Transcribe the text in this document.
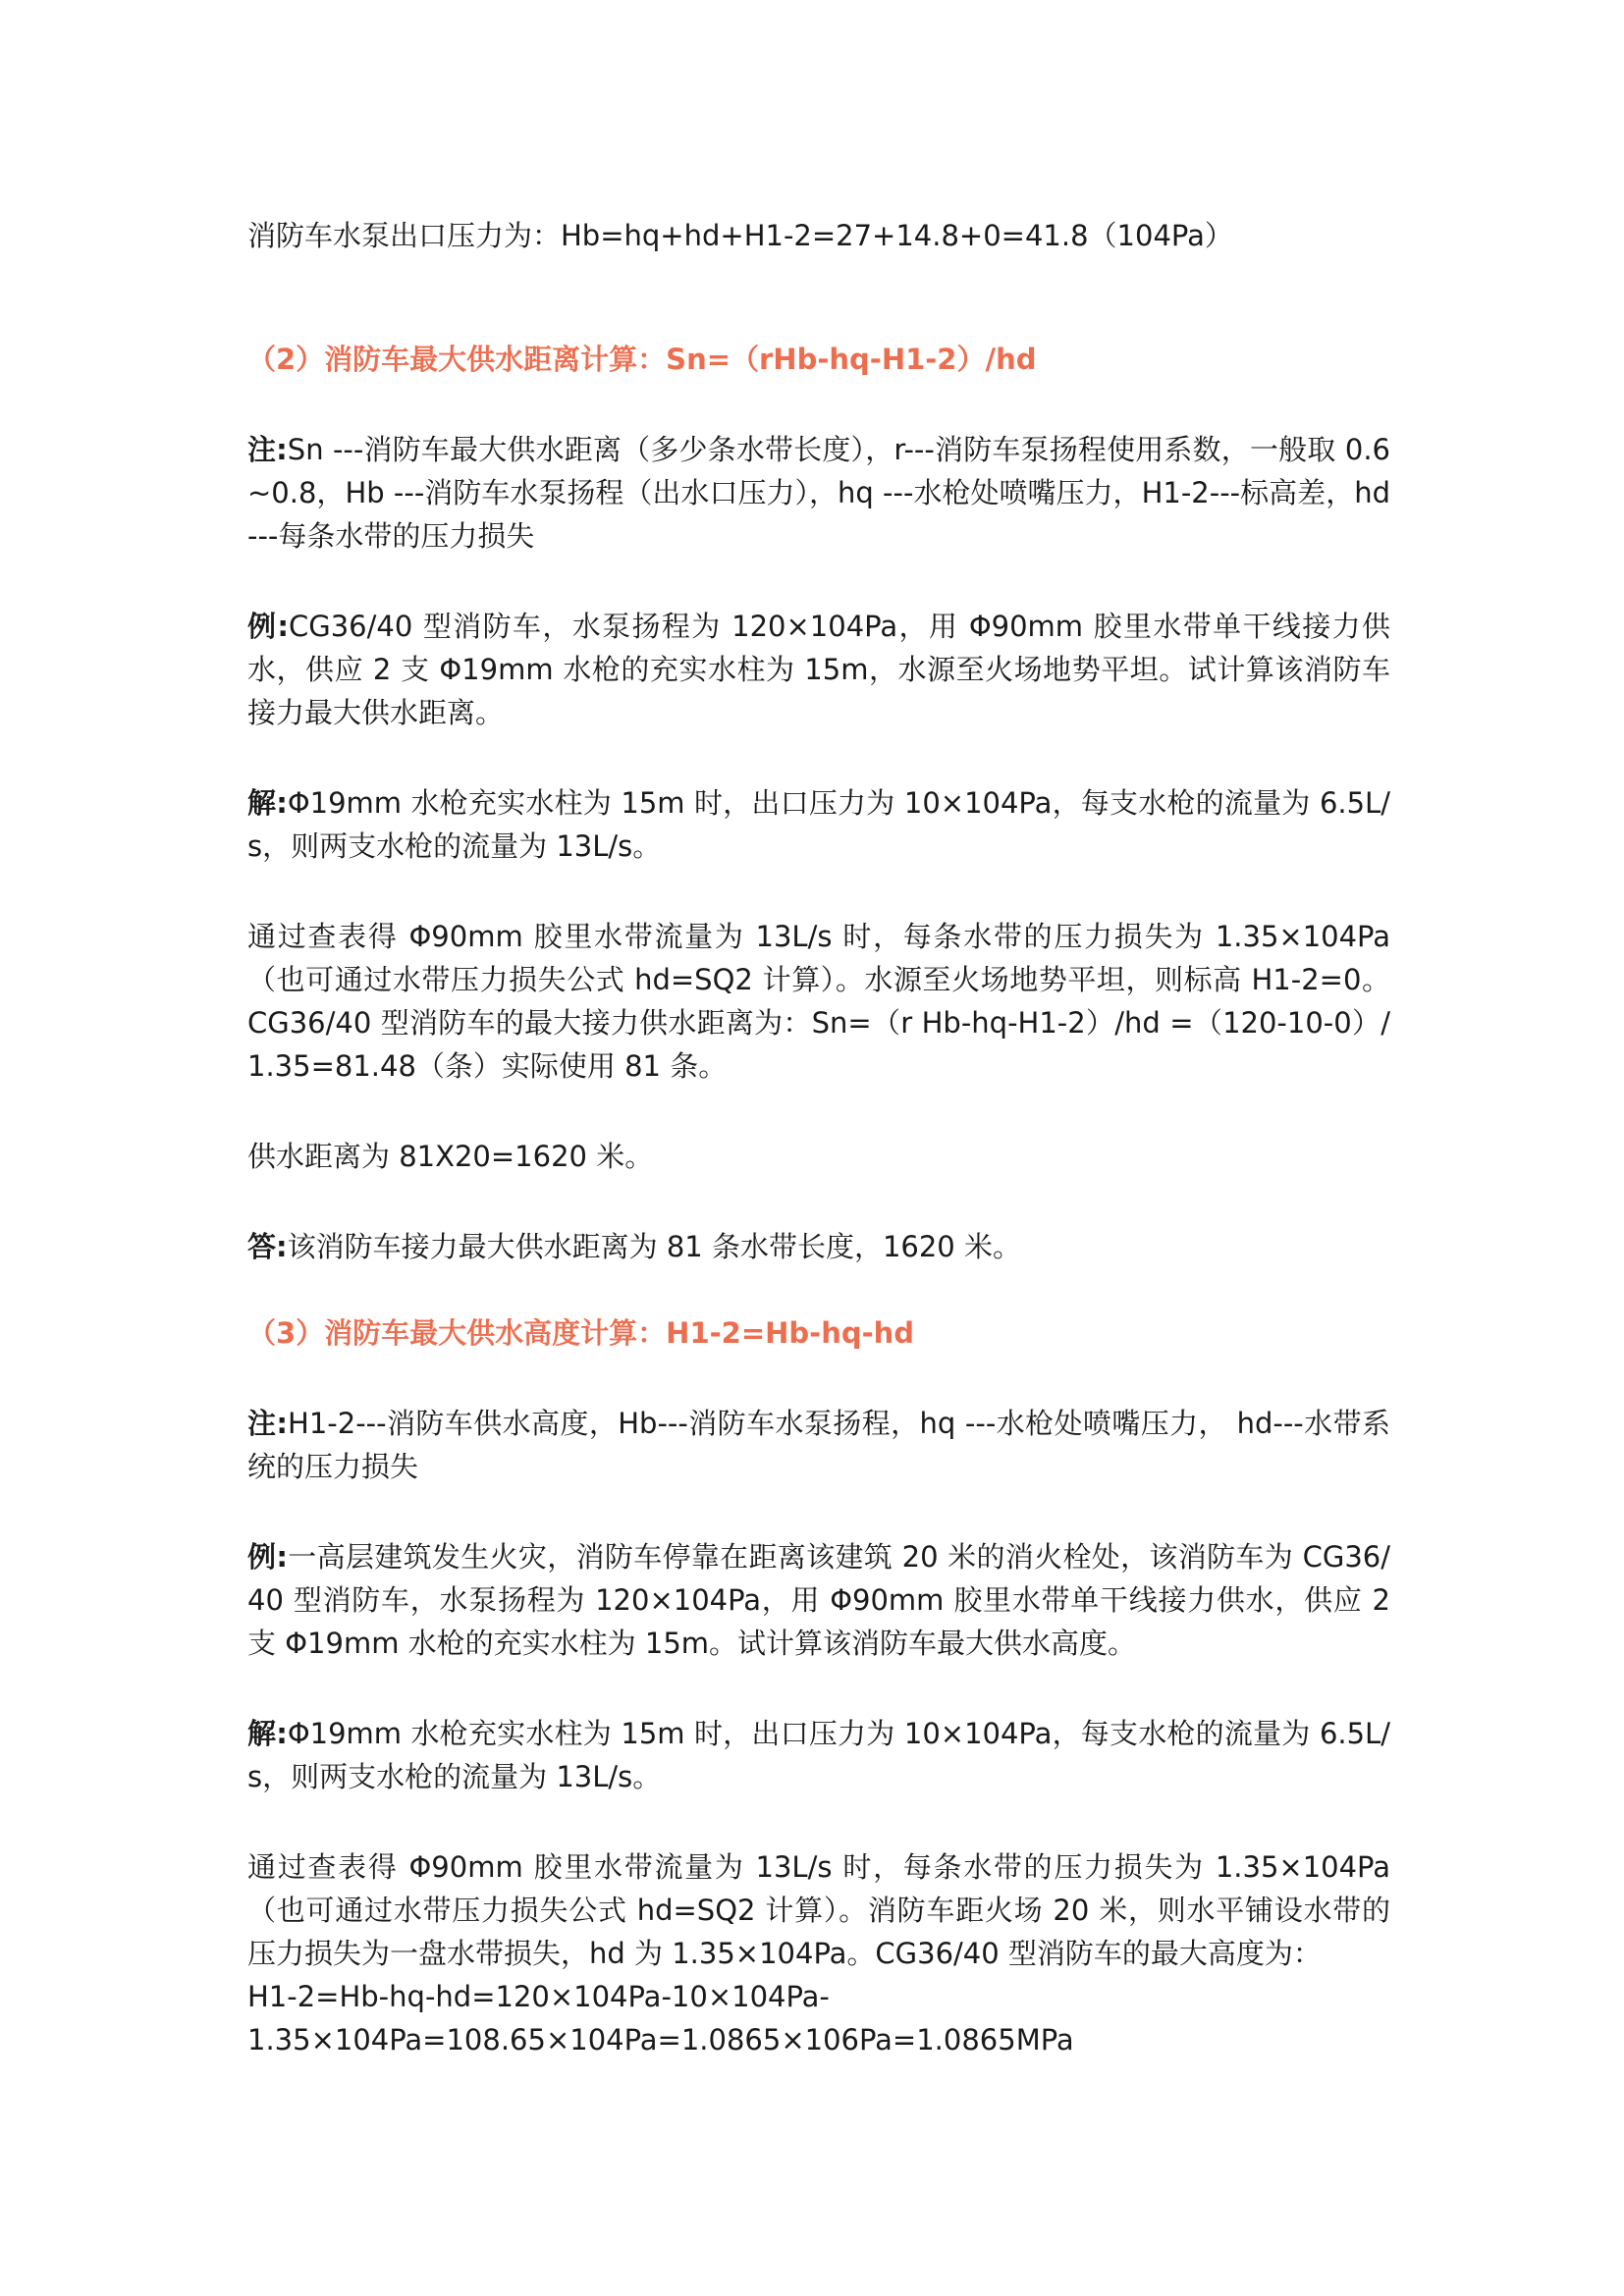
消防车水泵出口压力为：Hb=hq+hd+H1-2=27+14.8+0=41.8（104Pa）

（2）消防车最大供水距离计算：Sn=（rHb-hq-H1-2）/hd

注:Sn ---消防车最大供水距离（多少条水带长度），r---消防车泵扬程使用系数，一般取 0.6~0.8，Hb ---消防车水泵扬程（出水口压力），hq ---水枪处喷嘴压力，H1-2---标高差，hd---每条水带的压力损失

例:CG36/40 型消防车，水泵扬程为 120×104Pa，用 Φ90mm 胶里水带单干线接力供水，供应 2 支 Φ19mm 水枪的充实水柱为 15m，水源至火场地势平坦。试计算该消防车接力最大供水距离。

解:Φ19mm 水枪充实水柱为 15m 时，出口压力为 10×104Pa，每支水枪的流量为 6.5L/s，则两支水枪的流量为 13L/s。

通过查表得 Φ90mm 胶里水带流量为 13L/s 时，每条水带的压力损失为 1.35×104Pa（也可通过水带压力损失公式 hd=SQ2 计算）。水源至火场地势平坦，则标高 H1-2=0。CG36/40 型消防车的最大接力供水距离为：Sn=（r Hb-hq-H1-2）/hd =（120-10-0）/1.35=81.48（条）实际使用 81 条。

供水距离为 81X20=1620 米。

答:该消防车接力最大供水距离为 81 条水带长度，1620 米。

（3）消防车最大供水高度计算：H1-2=Hb-hq-hd

注:H1-2---消防车供水高度，Hb---消防车水泵扬程，hq ---水枪处喷嘴压力， hd---水带系统的压力损失

例:一高层建筑发生火灾，消防车停靠在距离该建筑 20 米的消火栓处，该消防车为 CG36/40 型消防车，水泵扬程为 120×104Pa，用 Φ90mm 胶里水带单干线接力供水，供应 2 支 Φ19mm 水枪的充实水柱为 15m。试计算该消防车最大供水高度。

解:Φ19mm 水枪充实水柱为 15m 时，出口压力为 10×104Pa，每支水枪的流量为 6.5L/s，则两支水枪的流量为 13L/s。

通过查表得 Φ90mm 胶里水带流量为 13L/s 时，每条水带的压力损失为 1.35×104Pa（也可通过水带压力损失公式 hd=SQ2 计算）。消防车距火场 20 米，则水平铺设水带的压力损失为一盘水带损失，hd 为 1.35×104Pa。CG36/40 型消防车的最大高度为：

H1-2=Hb-hq-hd=120×104Pa-10×104Pa-

1.35×104Pa=108.65×104Pa=1.0865×106Pa=1.0865MPa
